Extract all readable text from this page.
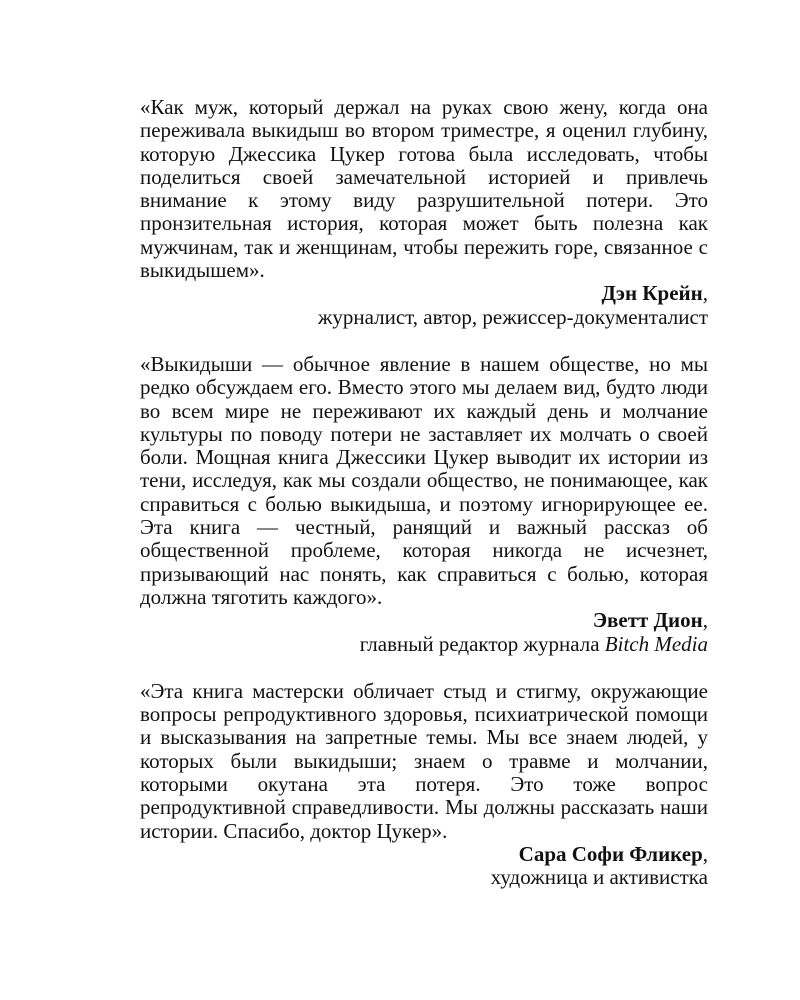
«Как муж, который держал на руках свою жену, когда она переживала выкидыш во втором триместре, я оценил глубину, которую Джессика Цукер готова была исследовать, чтобы поделиться своей замечательной историей и привлечь внимание к этому виду разрушительной потери. Это пронзительная история, которая может быть полезна как мужчинам, так и женщинам, чтобы пережить горе, связанное с выкидышем».

Дэн Крейн,

журналист, автор, режиссер-документалист

«Выкидыши — обычное явление в нашем обществе, но мы редко обсуждаем его. Вместо этого мы делаем вид, будто люди во всем мире не переживают их каждый день и молчание культуры по поводу потери не заставляет их молчать о своей боли. Мощная книга Джессики Цукер выводит их истории из тени, исследуя, как мы создали общество, не понимающее, как справиться с болью выкидыша, и поэтому игнорирующее ее. Эта книга — честный, ранящий и важный рассказ об общественной проблеме, которая никогда не исчезнет, призывающий нас понять, как справиться с болью, которая должна тяготить каждого».

Эветт Дион,

главный редактор журнала Bitch Media

«Эта книга мастерски обличает стыд и стигму, окружающие вопросы репродуктивного здоровья, психиатрической помощи и высказывания на запретные темы. Мы все знаем людей, у которых были выкидыши; знаем о травме и молчании, которыми окутана эта потеря. Это тоже вопрос репродуктивной справедливости. Мы должны рассказать наши истории. Спасибо, доктор Цукер».

Сара Софи Фликер,

художница и активистка
